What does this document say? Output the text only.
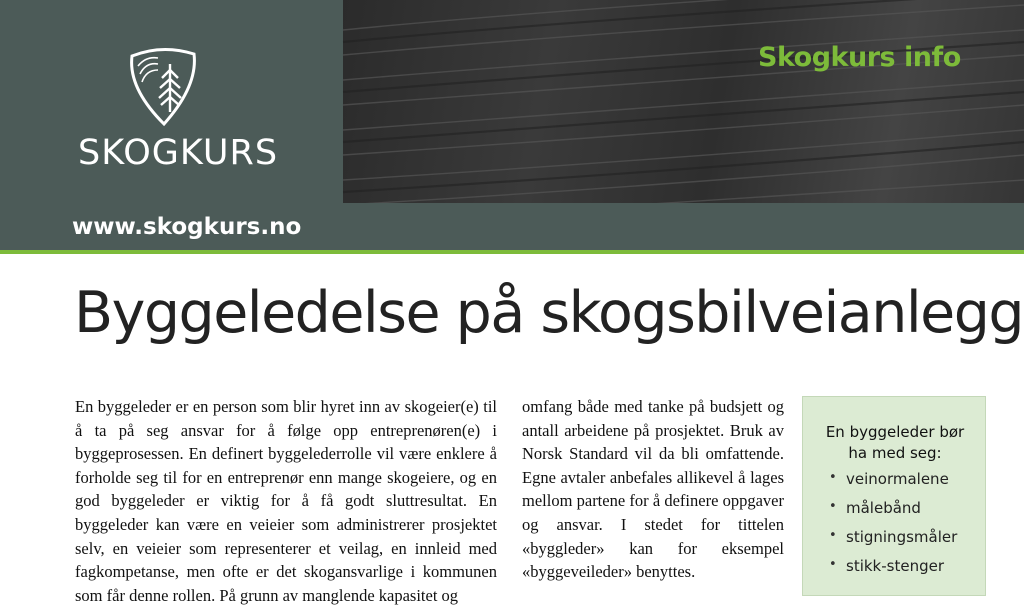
Skogkurs info
www.skogkurs.no
SKOGKURS
Byggeledelse på skogsbilveianlegg
En byggeleder er en person som blir hyret inn av skogeier(e) til å ta på seg ansvar for å følge opp entreprenøren(e) i byggeprosessen. En definert byggelederrolle vil være enklere å forholde seg til for en entreprenør enn mange skogeiere, og en god byggeleder er viktig for å få godt sluttresultat. En byggeleder kan være en veieier som administrerer prosjektet selv, en veieier som representerer et veilag, en innleid med fagkompetanse, men ofte er det skogansvarlige i kommunen som får denne rollen. På grunn av manglende kapasitet og
omfang både med tanke på budsjett og antall arbeidene på prosjektet. Bruk av Norsk Standard vil da bli omfattende. Egne avtaler anbefales allikevel å lages mellom partene for å definere oppgaver og ansvar. I stedet for tittelen «byggleder» kan for eksempel «byggeveileder» benyttes.
En byggeleder bør
ha med seg:
• veinormalene
• målebånd
• stigningsmåler
• stikk-stenger
